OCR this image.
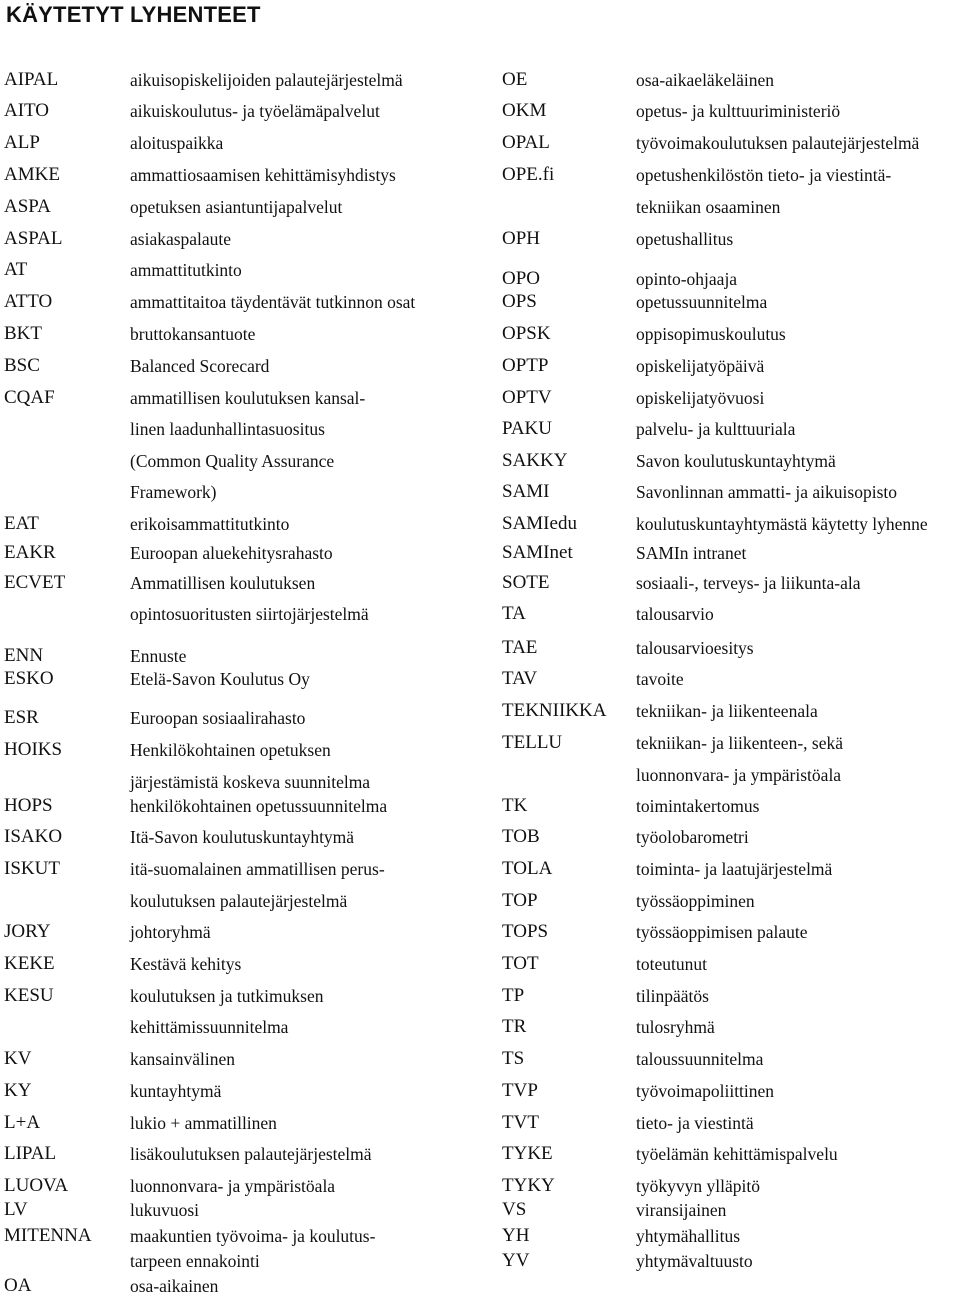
KÄYTETYT LYHENTEET
AIPAL	aikuisopiskelijoiden palautejärjestelmä
AITO	aikuiskoulutus- ja työelämäpalvelut
ALP	aloituspaikka
AMKE	ammattiosaamisen kehittämisyhdistys
ASPA	opetuksen asiantuntijapalvelut
ASPAL	asiakaspalaute
AT	ammattitutkinto
ATTO	ammattitaitoa täydentävät tutkinnon osat
BKT	bruttokansantuote
BSC	Balanced Scorecard
CQAF	ammatillisen koulutuksen kansal-
linen laadunhallintasuositus
(Common Quality Assurance
Framework)
EAT	erikoisammattitutkinto
EAKR	Euroopan aluekehitysrahasto
ECVET	Ammatillisen koulutuksen
opintosuoritusten siirtojärjestelmä
ENN	Ennuste
ESKO	Etelä-Savon Koulutus Oy
ESR	Euroopan sosiaalirahasto
HOIKS	Henkilökohtainen opetuksen
järjestämistä koskeva suunnitelma
HOPS	henkilökohtainen opetussuunnitelma
ISAKO	Itä-Savon koulutuskuntayhtymä
ISKUT	itä-suomalainen ammatillisen perus-
koulutuksen palautejärjestelmä
JORY	johtoryhmä
KEKE	Kestävä kehitys
KESU	koulutuksen ja tutkimuksen
kehittämissuunnitelma
KV	kansainvälinen
KY	kuntayhtymä
L+A	lukio + ammatillinen
LIPAL	lisäkoulutuksen palautejärjestelmä
LUOVA	luonnonvara- ja ympäristöala
LV	lukuvuosi
MITENNA maakuntien työvoima- ja koulutus-
tarpeen ennakointi
OA	osa-aikainen
OE	osa-aikaeläkeläinen
OKM	opetus- ja kulttuuriministeriö
OPAL	työvoimakoulutuksen palautejärjestelmä
OPE.fi	opetushenkilöstön tieto- ja viestintä-
tekniikan osaaminen
OPH	opetushallitus
OPO	opinto-ohjaaja
OPS	opetussuunnitelma
OPSK	oppisopimuskoulutus
OPTP	opiskelijatyöpäivä
OPTV	opiskelijatyövuosi
PAKU	palvelu- ja kulttuuriala
SAKKY	Savon koulutuskuntayhtymä
SAMI	Savonlinnan ammatti- ja aikuisopisto
SAMIedu	koulutuskuntayhtymästä käytetty lyhenne
SAMInet	SAMIn intranet
SOTE	sosiaali-, terveys- ja liikunta-ala
TA	talousarvio
TAE	talousarvioesitys
TAV	tavoite
TEKNIIKKA tekniikan- ja liikenteenala
TELLU	tekniikan- ja liikenteen-, sekä
luonnonvara- ja ympäristöala
TK	toimintakertomus
TOB	työolobarometri
TOLA	toiminta- ja laatujärjestelmä
TOP	työssäoppiminen
TOPS	työssäoppimisen palaute
TOT	toteutunut
TP	tilinpäätös
TR	tulosryhmä
TS	taloussuunnitelma
TVP	työvoimapoliittinen
TVT	tieto- ja viestintä
TYKE	työelämän kehittämispalvelu
TYKY	työkyvyn ylläpitö
VS	viransijainen
YH	yhtymähallitus
YV	yhtymävaltuusto
